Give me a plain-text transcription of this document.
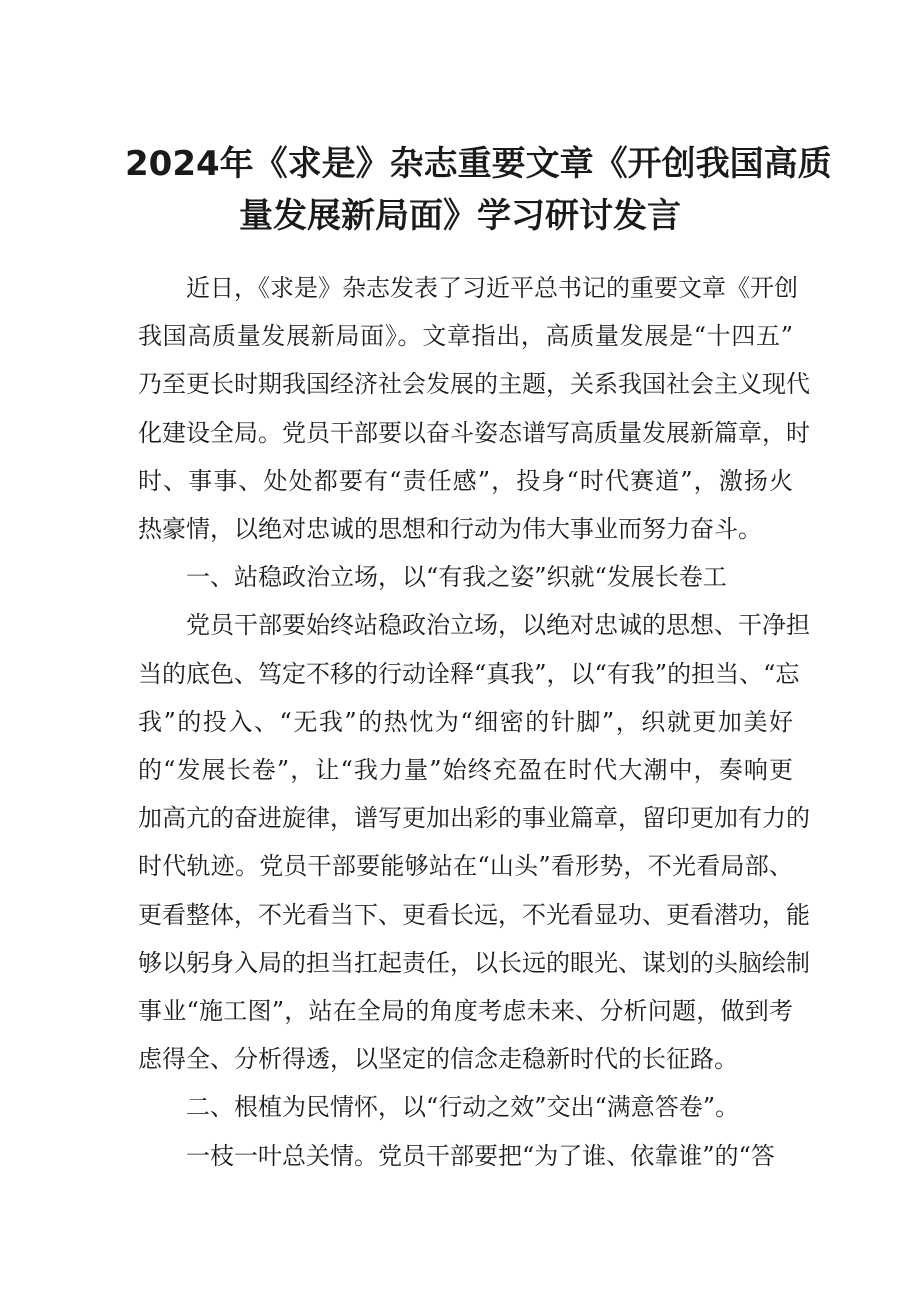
2024年《求是》杂志重要文章《开创我国高质
量发展新局面》学习研讨发言

近日，《求是》杂志发表了习近平总书记的重要文章《开创
我国高质量发展新局面》。文章指出，高质量发展是“十四五”
乃至更长时期我国经济社会发展的主题，关系我国社会主义现代
化建设全局。党员干部要以奋斗姿态谱写高质量发展新篇章，时
时、事事、处处都要有“责任感”，投身“时代赛道”，激扬火
热豪情，以绝对忠诚的思想和行动为伟大事业而努力奋斗。

一、站稳政治立场，以“有我之姿”织就“发展长卷工

党员干部要始终站稳政治立场，以绝对忠诚的思想、干净担
当的底色、笃定不移的行动诠释“真我”，以“有我”的担当、“忘
我”的投入、“无我”的热忱为“细密的针脚”，织就更加美好
的“发展长卷”，让“我力量”始终充盈在时代大潮中，奏响更
加高亢的奋进旋律，谱写更加出彩的事业篇章，留印更加有力的
时代轨迹。党员干部要能够站在“山头”看形势，不光看局部、
更看整体，不光看当下、更看长远，不光看显功、更看潜功，能
够以躬身入局的担当扛起责任，以长远的眼光、谋划的头脑绘制
事业“施工图”，站在全局的角度考虑未来、分析问题，做到考
虑得全、分析得透，以坚定的信念走稳新时代的长征路。

二、根植为民情怀，以“行动之效”交出“满意答卷”。

一枝一叶总关情。党员干部要把“为了谁、依靠谁”的“答
